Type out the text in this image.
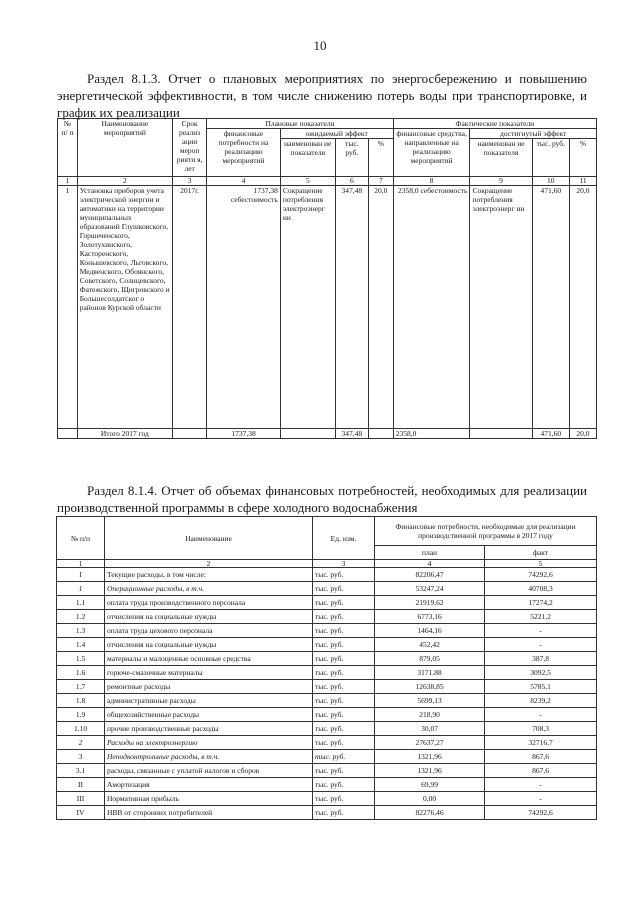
10
Раздел 8.1.3. Отчет о плановых мероприятиях по энергосбережению и повышению энергетической эффективности, в том числе снижению потерь воды при транспортировке, и график их реализации
№ п/ п	Наименование мероприятий	Срок реализ ации мероп рияти я, лет	Плановые показатели				Фактические показатели			
			финансовые потребности на реализацию мероприятий	ожидаемый эффект			финансовые средства, направленные на реализацию мероприятий	достигнутый эффект		
				наименован ие показателя	тыс. руб.	%		наименован ие показателя	тыс. руб.	%
1	2	3	4	5	6	7	8	9	10	11
1	Установка приборов учета электрической энергии и автоматики на территории муниципальных образований Глушковского, Горшеченского, Золотухинского, Касторенского, Конышевского, Льговского, Медвенского, Обоянского, Советского, Солнцевского, Фатежского, Щигровского и Большесолдатског о районов Курской области	2017г.	1737,38 себестоимость	Сокращение потребления электроэнерг ии	347,48	20,0	2358,0 себестоимость	Сокращение потребления электроэнерг ии	471,60	20,0
	Итого 2017 год		1737,38		347,48		2358,0		471,60	20,0
Раздел 8.1.4. Отчет об объемах финансовых потребностей, необходимых для реализации производственной программы в сфере холодного водоснабжения
№ п/п	Наименование	Ед. изм.	Финансовые потребности, необходимые для реализации производственной программы в 2017 году	
			план	факт
1	2	3	4	5
I	Текущие расходы, в том числе:	тыс. руб.	82206,47	74292,6
1	Операционные расходы, в т.ч.	тыс. руб.	53247,24	40708,3
1.1	оплата труда производственного персонала	тыс. руб.	21919,62	17274,2
1.2	отчисления на социальные нужды	тыс. руб.	6773,16	5221,2
1.3	оплата труда цехового персонала	тыс. руб.	1464,16	-
1.4	отчисления на социальные нужды	тыс. руб.	452,42	-
1.5	материалы и малоценные основные средства	тыс. руб.	879,05	387,8
1.6	горюче-смазочные материалы	тыс. руб.	3171,88	3092,5
1.7	ремонтные расходы	тыс. руб.	12638,85	5785,1
1.8	административные расходы	тыс. руб.	5699,13	8239,2
1.9	общехозяйственные расходы	тыс. руб.	218,90	-
1.10	прочие производственные расходы	тыс. руб.	30,07	708,3
2	Расходы на электроэнергию	тыс. руб.	27637,27	32716,7
3	Неподконтрольные расходы, в т.ч.	тыс. руб.	1321,96	867,6
3.1	расходы, связанные с уплатой налогов и сборов	тыс. руб.	1321,96	867,6
II	Амортизация	тыс. руб.	69,99	-
III	Нормативная прибыль	тыс. руб.	0,00	-
IV	НВВ от сторонних потребителей	тыс. руб.	82276,46	74292,6
